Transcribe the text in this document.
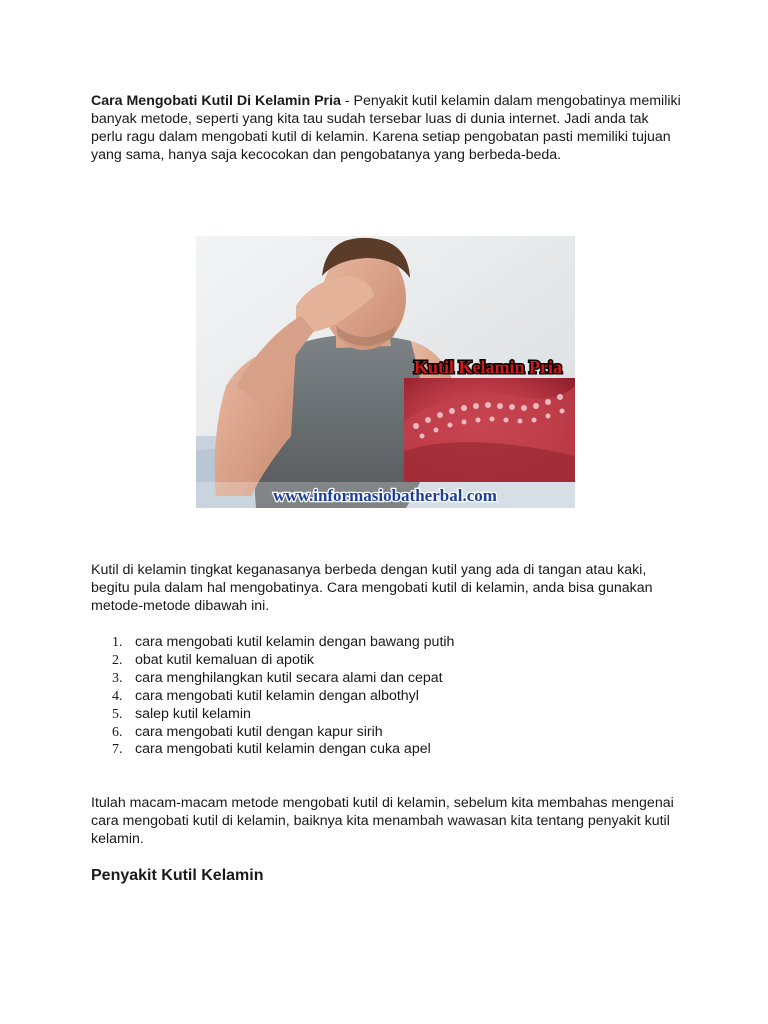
Cara Mengobati Kutil Di Kelamin Pria - Penyakit kutil kelamin dalam mengobatinya memiliki banyak metode, seperti yang kita tau sudah tersebar luas di dunia internet. Jadi anda tak perlu ragu dalam mengobati kutil di kelamin. Karena setiap pengobatan pasti memiliki tujuan yang sama, hanya saja kecocokan dan pengobatanya yang berbeda-beda.

Kutil Kelamin Pria
www.informasiobatherbal.com

Kutil di kelamin tingkat keganasanya berbeda dengan kutil yang ada di tangan atau kaki, begitu pula dalam hal mengobatinya. Cara mengobati kutil di kelamin, anda bisa gunakan metode-metode dibawah ini.

1. cara mengobati kutil kelamin dengan bawang putih
2. obat kutil kemaluan di apotik
3. cara menghilangkan kutil secara alami dan cepat
4. cara mengobati kutil kelamin dengan albothyl
5. salep kutil kelamin
6. cara mengobati kutil dengan kapur sirih
7. cara mengobati kutil kelamin dengan cuka apel

Itulah macam-macam metode mengobati kutil di kelamin, sebelum kita membahas mengenai cara mengobati kutil di kelamin, baiknya kita menambah wawasan kita tentang penyakit kutil kelamin.

Penyakit Kutil Kelamin
